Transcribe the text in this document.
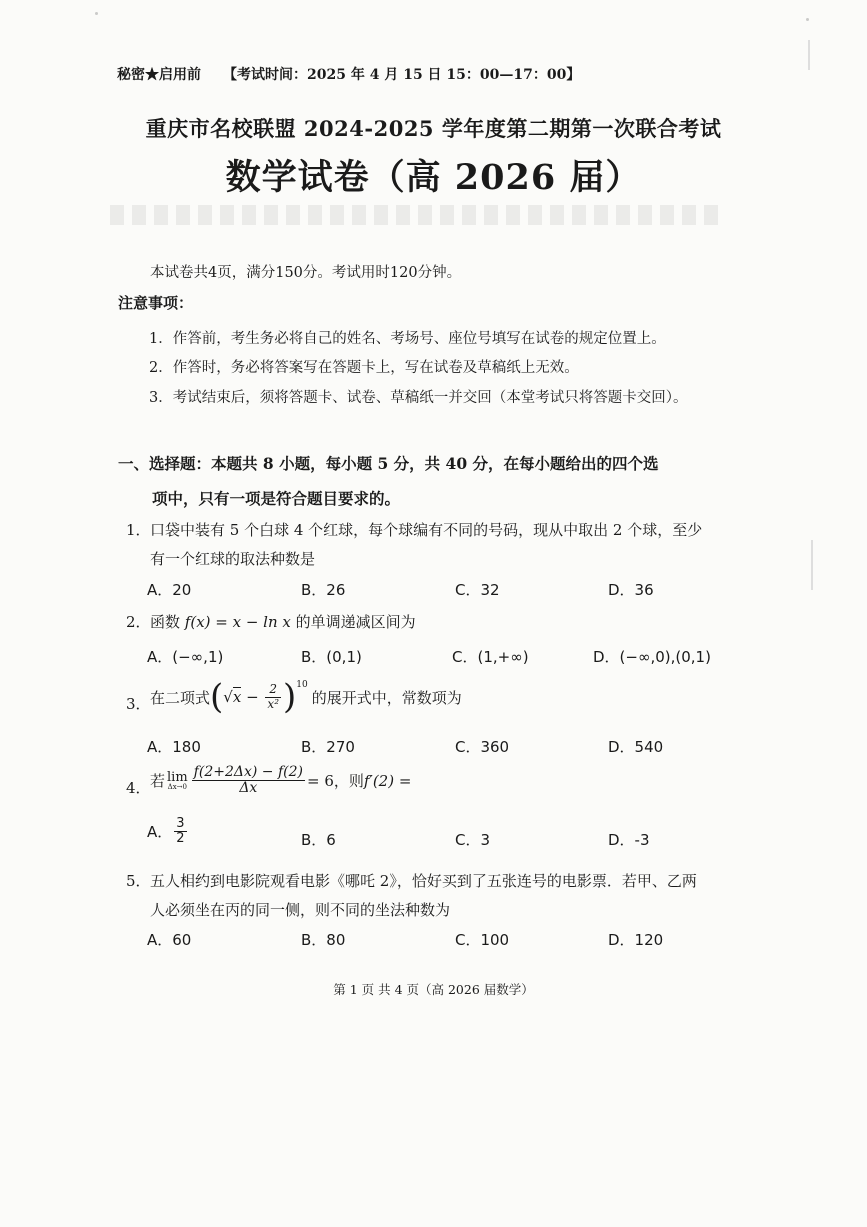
秘密★启用前 【考试时间：2025 年 4 月 15 日 15：00—17：00】
重庆市名校联盟 2024-2025 学年度第二期第一次联合考试
数学试卷（高 2026 届）
本试卷共4页，满分150分。考试用时120分钟。
注意事项：
1．作答前，考生务必将自己的姓名、考场号、座位号填写在试卷的规定位置上。
2．作答时，务必将答案写在答题卡上，写在试卷及草稿纸上无效。
3．考试结束后，须将答题卡、试卷、草稿纸一并交回（本堂考试只将答题卡交回）。
一、选择题：本题共 8 小题，每小题 5 分，共 40 分，在每小题给出的四个选
项中，只有一项是符合题目要求的。
1． 口袋中装有 5 个白球 4 个红球，每个球编有不同的号码，现从中取出 2 个球，至少
有一个红球的取法种数是
A．20	B．26	C．32	D．36
2． 函数 f(x) = x − ln x 的单调递减区间为
A．(−∞,1)	B．(0,1)	C．(1,+∞)	D．(−∞,0),(0,1)
3． 在二项式 ( $√x - \frac{2}{\text{x²}} )^{10}$
的展开式中，常数项为
A．180	B．270	C．360	D．540
4． 若 lim
$\Delta x\to 0 \frac{f(2+2\Delta x) - f(2)}{\Delta x} = 6$，则 f′(2) =
A． $\frac{3}{2}$	B．6	C．3	D．-3
5． 五人相约到电影院观看电影《哪吒 2》，恰好买到了五张连号的电影票．若甲、乙两
人必须坐在丙的同一侧，则不同的坐法种数为
A．60	B．80	C．100	D．120
第 1 页 共 4 页（高 2026 届数学）
